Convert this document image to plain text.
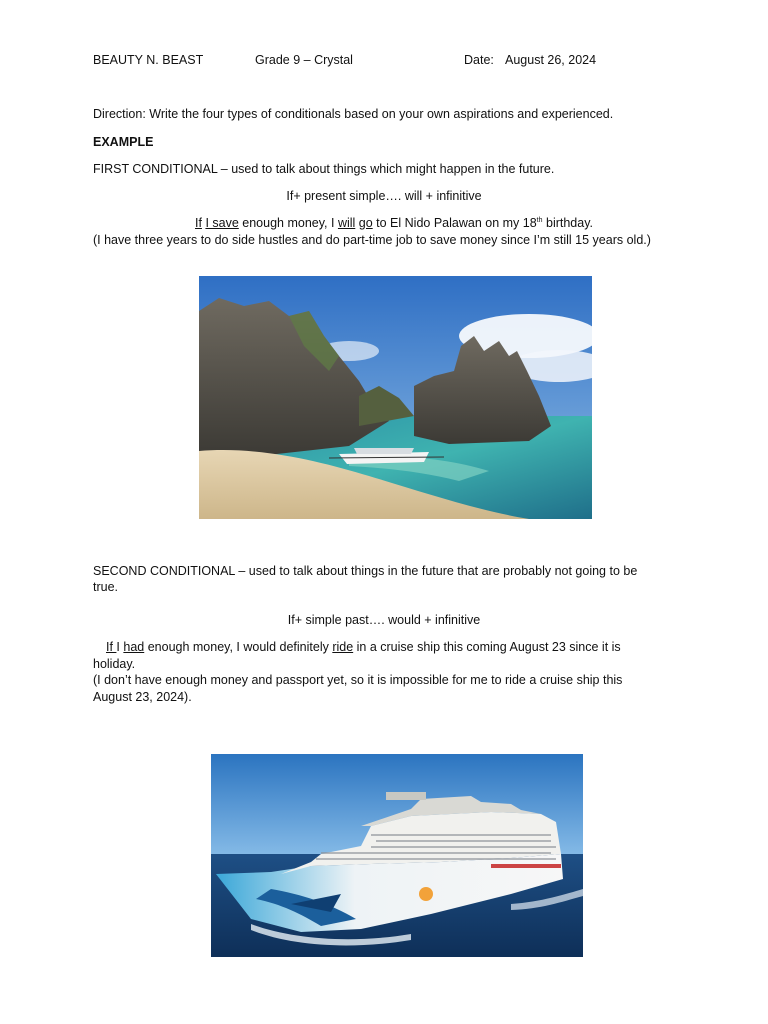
BEAUTY N. BEAST	Grade 9 – Crystal	Date: August 26, 2024
Direction: Write the four types of conditionals based on your own aspirations and experienced.
EXAMPLE
FIRST CONDITIONAL – used to talk about things which might happen in the future.
If+ present simple…. will + infinitive
If I save enough money, I will go to El Nido Palawan on my 18th birthday.
(I have three years to do side hustles and do part-time job to save money since I’m still 15 years old.)
SECOND CONDITIONAL – used to talk about things in the future that are probably not going to be
true.
If+ simple past…. would + infinitive
If I had enough money, I would definitely ride in a cruise ship this coming August 23 since it is
holiday.
(I don’t have enough money and passport yet, so it is impossible for me to ride a cruise ship this
August 23, 2024).
